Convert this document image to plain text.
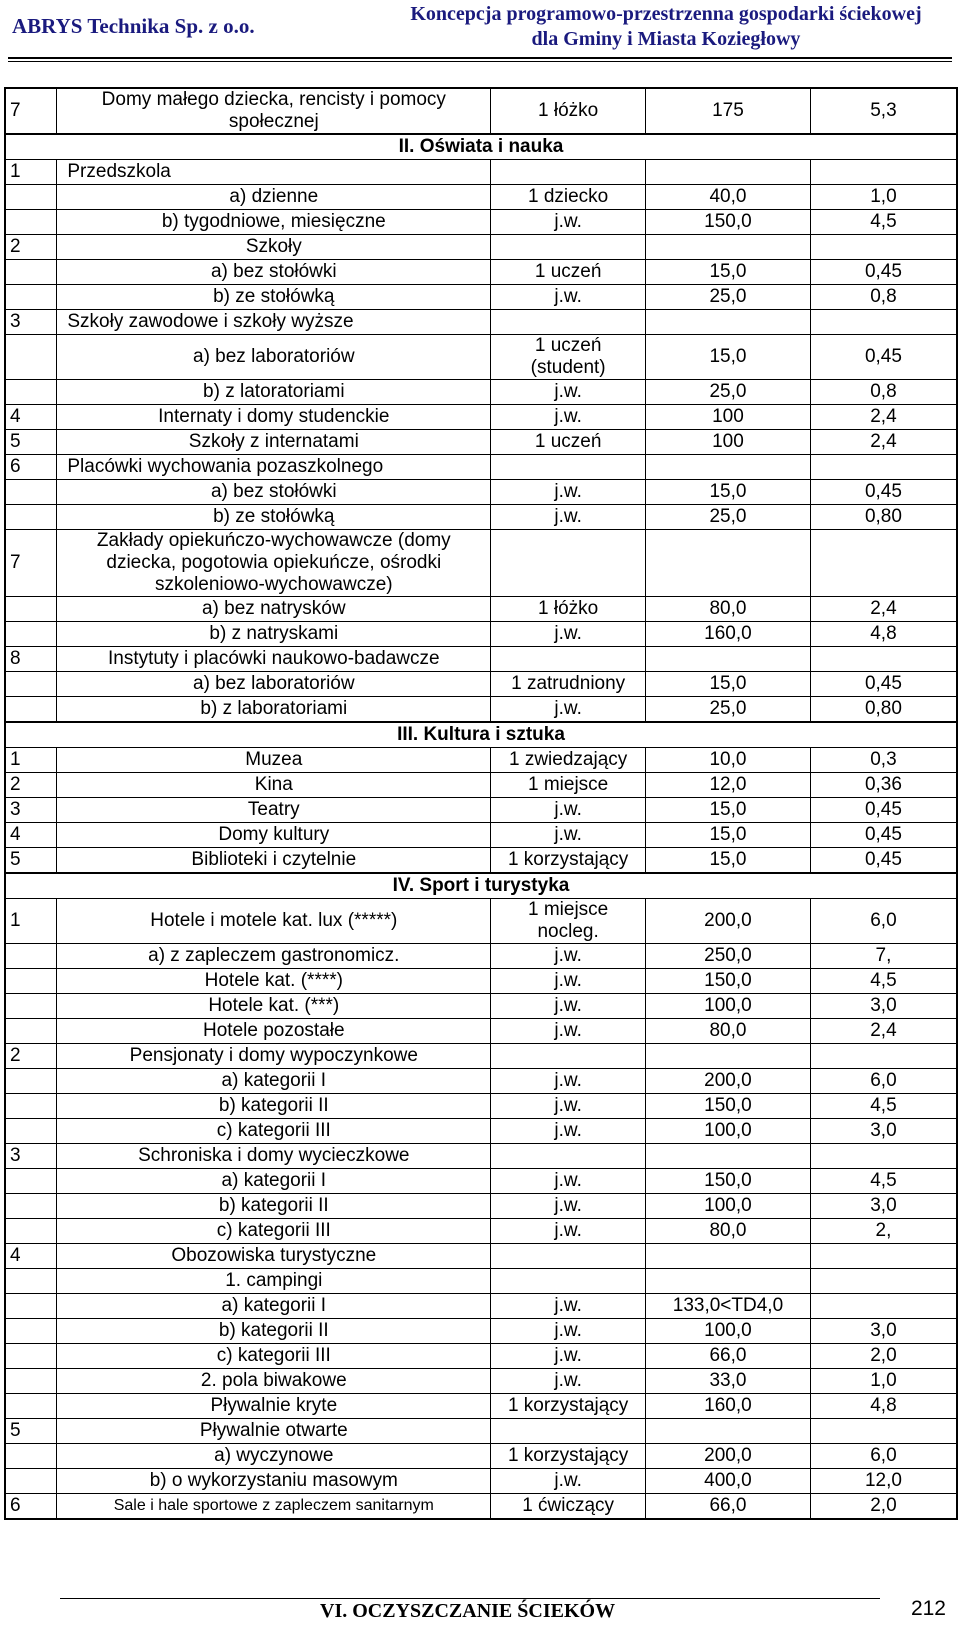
ABRYS Technika Sp. z o.o.	Koncepcja programowo-przestrzenna gospodarki ściekowej
dla Gminy i Miasta Koziegłowy
7	Domy małego dziecka, rencisty i pomocy społecznej	1 łóżko	175	5,3
II. Oświata i nauka				
1	Przedszkola			
	a) dzienne	1 dziecko	40,0	1,0
	b) tygodniowe, miesięczne	j.w.	150,0	4,5
2	Szkoły			
	a) bez stołówki	1 uczeń	15,0	0,45
	b) ze stołówką	j.w.	25,0	0,8
3	Szkoły zawodowe i szkoły wyższe			
	a) bez laboratoriów	1 uczeń (student)	15,0	0,45
	b) z latoratoriami	j.w.	25,0	0,8
4	Internaty i domy studenckie	j.w.	100	2,4
5	Szkoły z internatami	1 uczeń	100	2,4
6	Placówki wychowania pozaszkolnego			
	a) bez stołówki	j.w.	15,0	0,45
	b) ze stołówką	j.w.	25,0	0,80
7	Zakłady opiekuńczo-wychowawcze (domy dziecka, pogotowia opiekuńcze, ośrodki szkoleniowo-wychowawcze)			
	a) bez natrysków	1 łóżko	80,0	2,4
	b) z natryskami	j.w.	160,0	4,8
8	Instytuty i placówki naukowo-badawcze			
	a) bez laboratoriów	1 zatrudniony	15,0	0,45
	b) z laboratoriami	j.w.	25,0	0,80
III. Kultura i sztuka				
1	Muzea	1 zwiedzający	10,0	0,3
2	Kina	1 miejsce	12,0	0,36
3	Teatry	j.w.	15,0	0,45
4	Domy kultury	j.w.	15,0	0,45
5	Biblioteki i czytelnie	1 korzystający	15,0	0,45
IV. Sport i turystyka				
1	Hotele i motele kat. lux (*****)	1 miejsce nocleg.	200,0	6,0
	a) z zapleczem gastronomicz.	j.w.	250,0	7,
	Hotele kat. (****)	j.w.	150,0	4,5
	Hotele kat. (***)	j.w.	100,0	3,0
	Hotele pozostałe	j.w.	80,0	2,4
2	Pensjonaty i domy wypoczynkowe			
	a) kategorii I	j.w.	200,0	6,0
	b) kategorii II	j.w.	150,0	4,5
	c) kategorii III	j.w.	100,0	3,0
3	Schroniska i domy wycieczkowe			
	a) kategorii I	j.w.	150,0	4,5
	b) kategorii II	j.w.	100,0	3,0
	c) kategorii III	j.w.	80,0	2,
4	Obozowiska turystyczne			
	1. campingi			
	a) kategorii I	j.w.	133,0<TD4,0	
	b) kategorii II	j.w.	100,0	3,0
	c) kategorii III	j.w.	66,0	2,0
	2. pola biwakowe	j.w.	33,0	1,0
	Pływalnie kryte	1 korzystający	160,0	4,8
5	Pływalnie otwarte			
	a) wyczynowe	1 korzystający	200,0	6,0
	b) o wykorzystaniu masowym	j.w.	400,0	12,0
6	Sale i hale sportowe z zapleczem sanitarnym	1 ćwiczący	66,0	2,0
VI. OCZYSZCZANIE ŚCIEKÓW	212
